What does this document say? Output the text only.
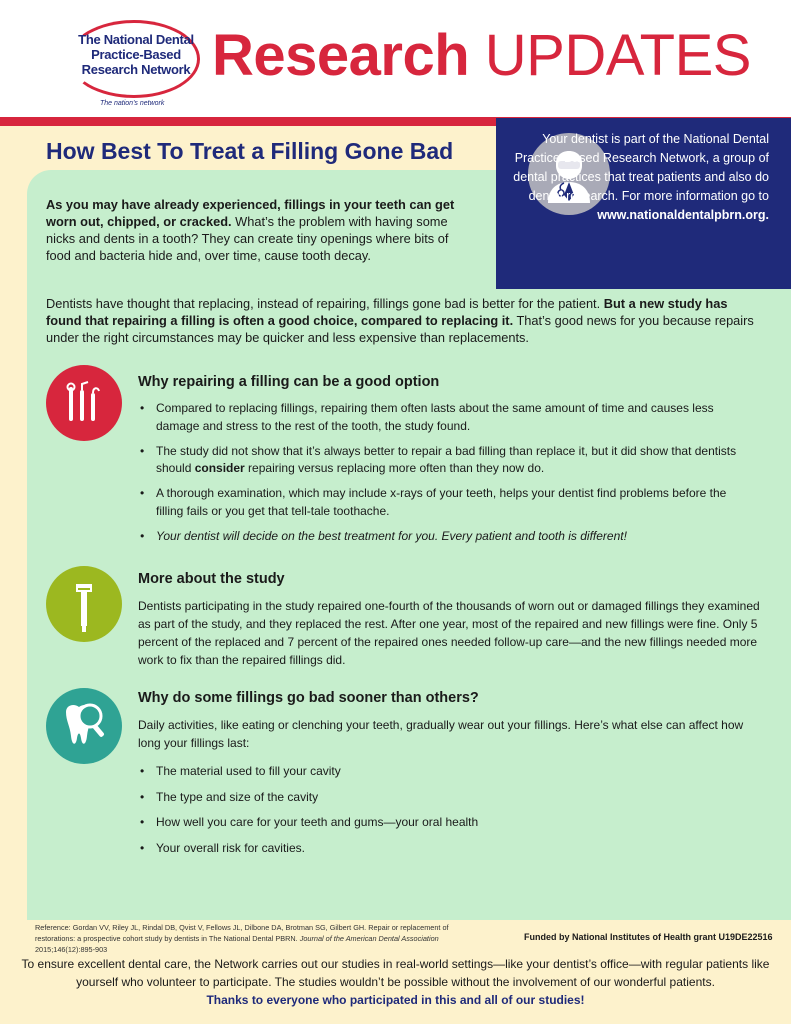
The National Dental
Practice-Based
Research Network
The nation's network
Research UPDATES
How Best To Treat a Filling Gone Bad	Your dentist is part of the National Dental Practice-Based Research Network, a group of dental practices that treat patients and also do dental research. For more information go to
www.nationaldentalpbrn.org.
As you may have already experienced, fillings in your teeth can get worn out, chipped, or cracked. What’s the problem with having some nicks and dents in a tooth? They can create tiny openings where bits of food and bacteria hide and, over time, cause tooth decay.
Dentists have thought that replacing, instead of repairing, fillings gone bad is better for the patient. But a new study has found that repairing a filling is often a good choice, compared to replacing it. That’s good news for you because repairs under the right circumstances may be quicker and less expensive than replacements.
Why repairing a filling can be a good option
• Compared to replacing fillings, repairing them often lasts about the same amount of time and causes less damage and stress to the rest of the tooth, the study found.
• The study did not show that it’s always better to repair a bad filling than replace it, but it did show that dentists should consider repairing versus replacing more often than they now do.
• A thorough examination, which may include x-rays of your teeth, helps your dentist find problems before the filling fails or you get that tell-tale toothache.
• Your dentist will decide on the best treatment for you. Every patient and tooth is different!
More about the study
Dentists participating in the study repaired one-fourth of the thousands of worn out or damaged fillings they examined as part of the study, and they replaced the rest. After one year, most of the repaired and new fillings were fine. Only 5 percent of the replaced and 7 percent of the repaired ones needed follow-up care—and the new fillings needed more work to fix than the repaired fillings did.
Why do some fillings go bad sooner than others?
Daily activities, like eating or clenching your teeth, gradually wear out your fillings. Here’s what else can affect how long your fillings last:
• The material used to fill your cavity
• The type and size of the cavity
• How well you care for your teeth and gums—your oral health
• Your overall risk for cavities.
Reference: Gordan VV, Riley JL, Rindal DB, Qvist V, Fellows JL, Dilbone DA, Brotman SG, Gilbert GH. Repair or replacement of restorations: a prospective cohort study by dentists in The National Dental PBRN. Journal of the American Dental Association 2015;146(12):895-903
Funded by National Institutes of Health grant U19DE22516
To ensure excellent dental care, the Network carries out our studies in real-world settings—like your dentist’s office—with regular patients like yourself who volunteer to participate. The studies wouldn’t be possible without the involvement of our wonderful patients.
Thanks to everyone who participated in this and all of our studies!
